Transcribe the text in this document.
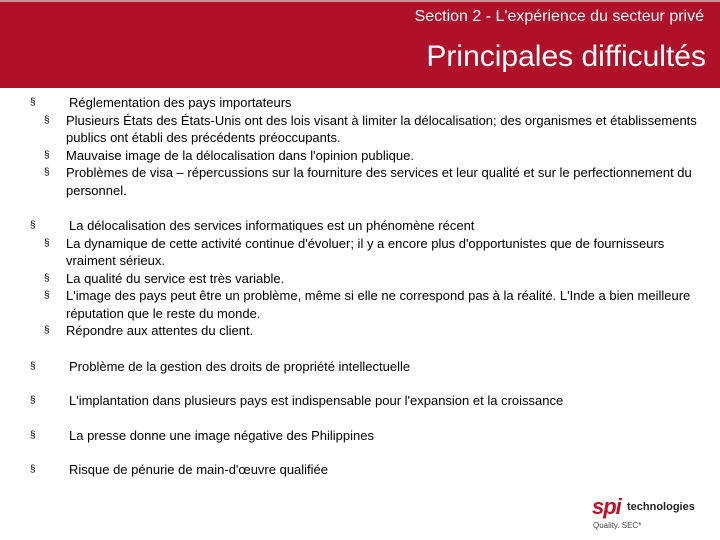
Section 2 - L'expérience du secteur privé
Principales difficultés
§	Réglementation des pays importateurs
§ Plusieurs États des États-Unis ont des lois visant à limiter la délocalisation; des organismes et établissements publics ont établi des précédents préoccupants.
§ Mauvaise image de la délocalisation dans l'opinion publique.
§ Problèmes de visa – répercussions sur la fourniture des services et leur qualité et sur le perfectionnement du personnel.
§	La délocalisation des services informatiques est un phénomène récent
§ La dynamique de cette activité continue d'évoluer; il y a encore plus d'opportunistes que de fournisseurs vraiment sérieux.
§ La qualité du service est très variable.
§ L'image des pays peut être un problème, même si elle ne correspond pas à la réalité. L'Inde a bien meilleure réputation que le reste du monde.
§ Répondre aux attentes du client.
§	Problème de la gestion des droits de propriété intellectuelle
§	L'implantation dans plusieurs pays est indispensable pour l'expansion et la croissance
§	La presse donne une image négative des Philippines
§	Risque de pénurie de main-d'œuvre qualifiée
spi technologies
Quality. SEC*
